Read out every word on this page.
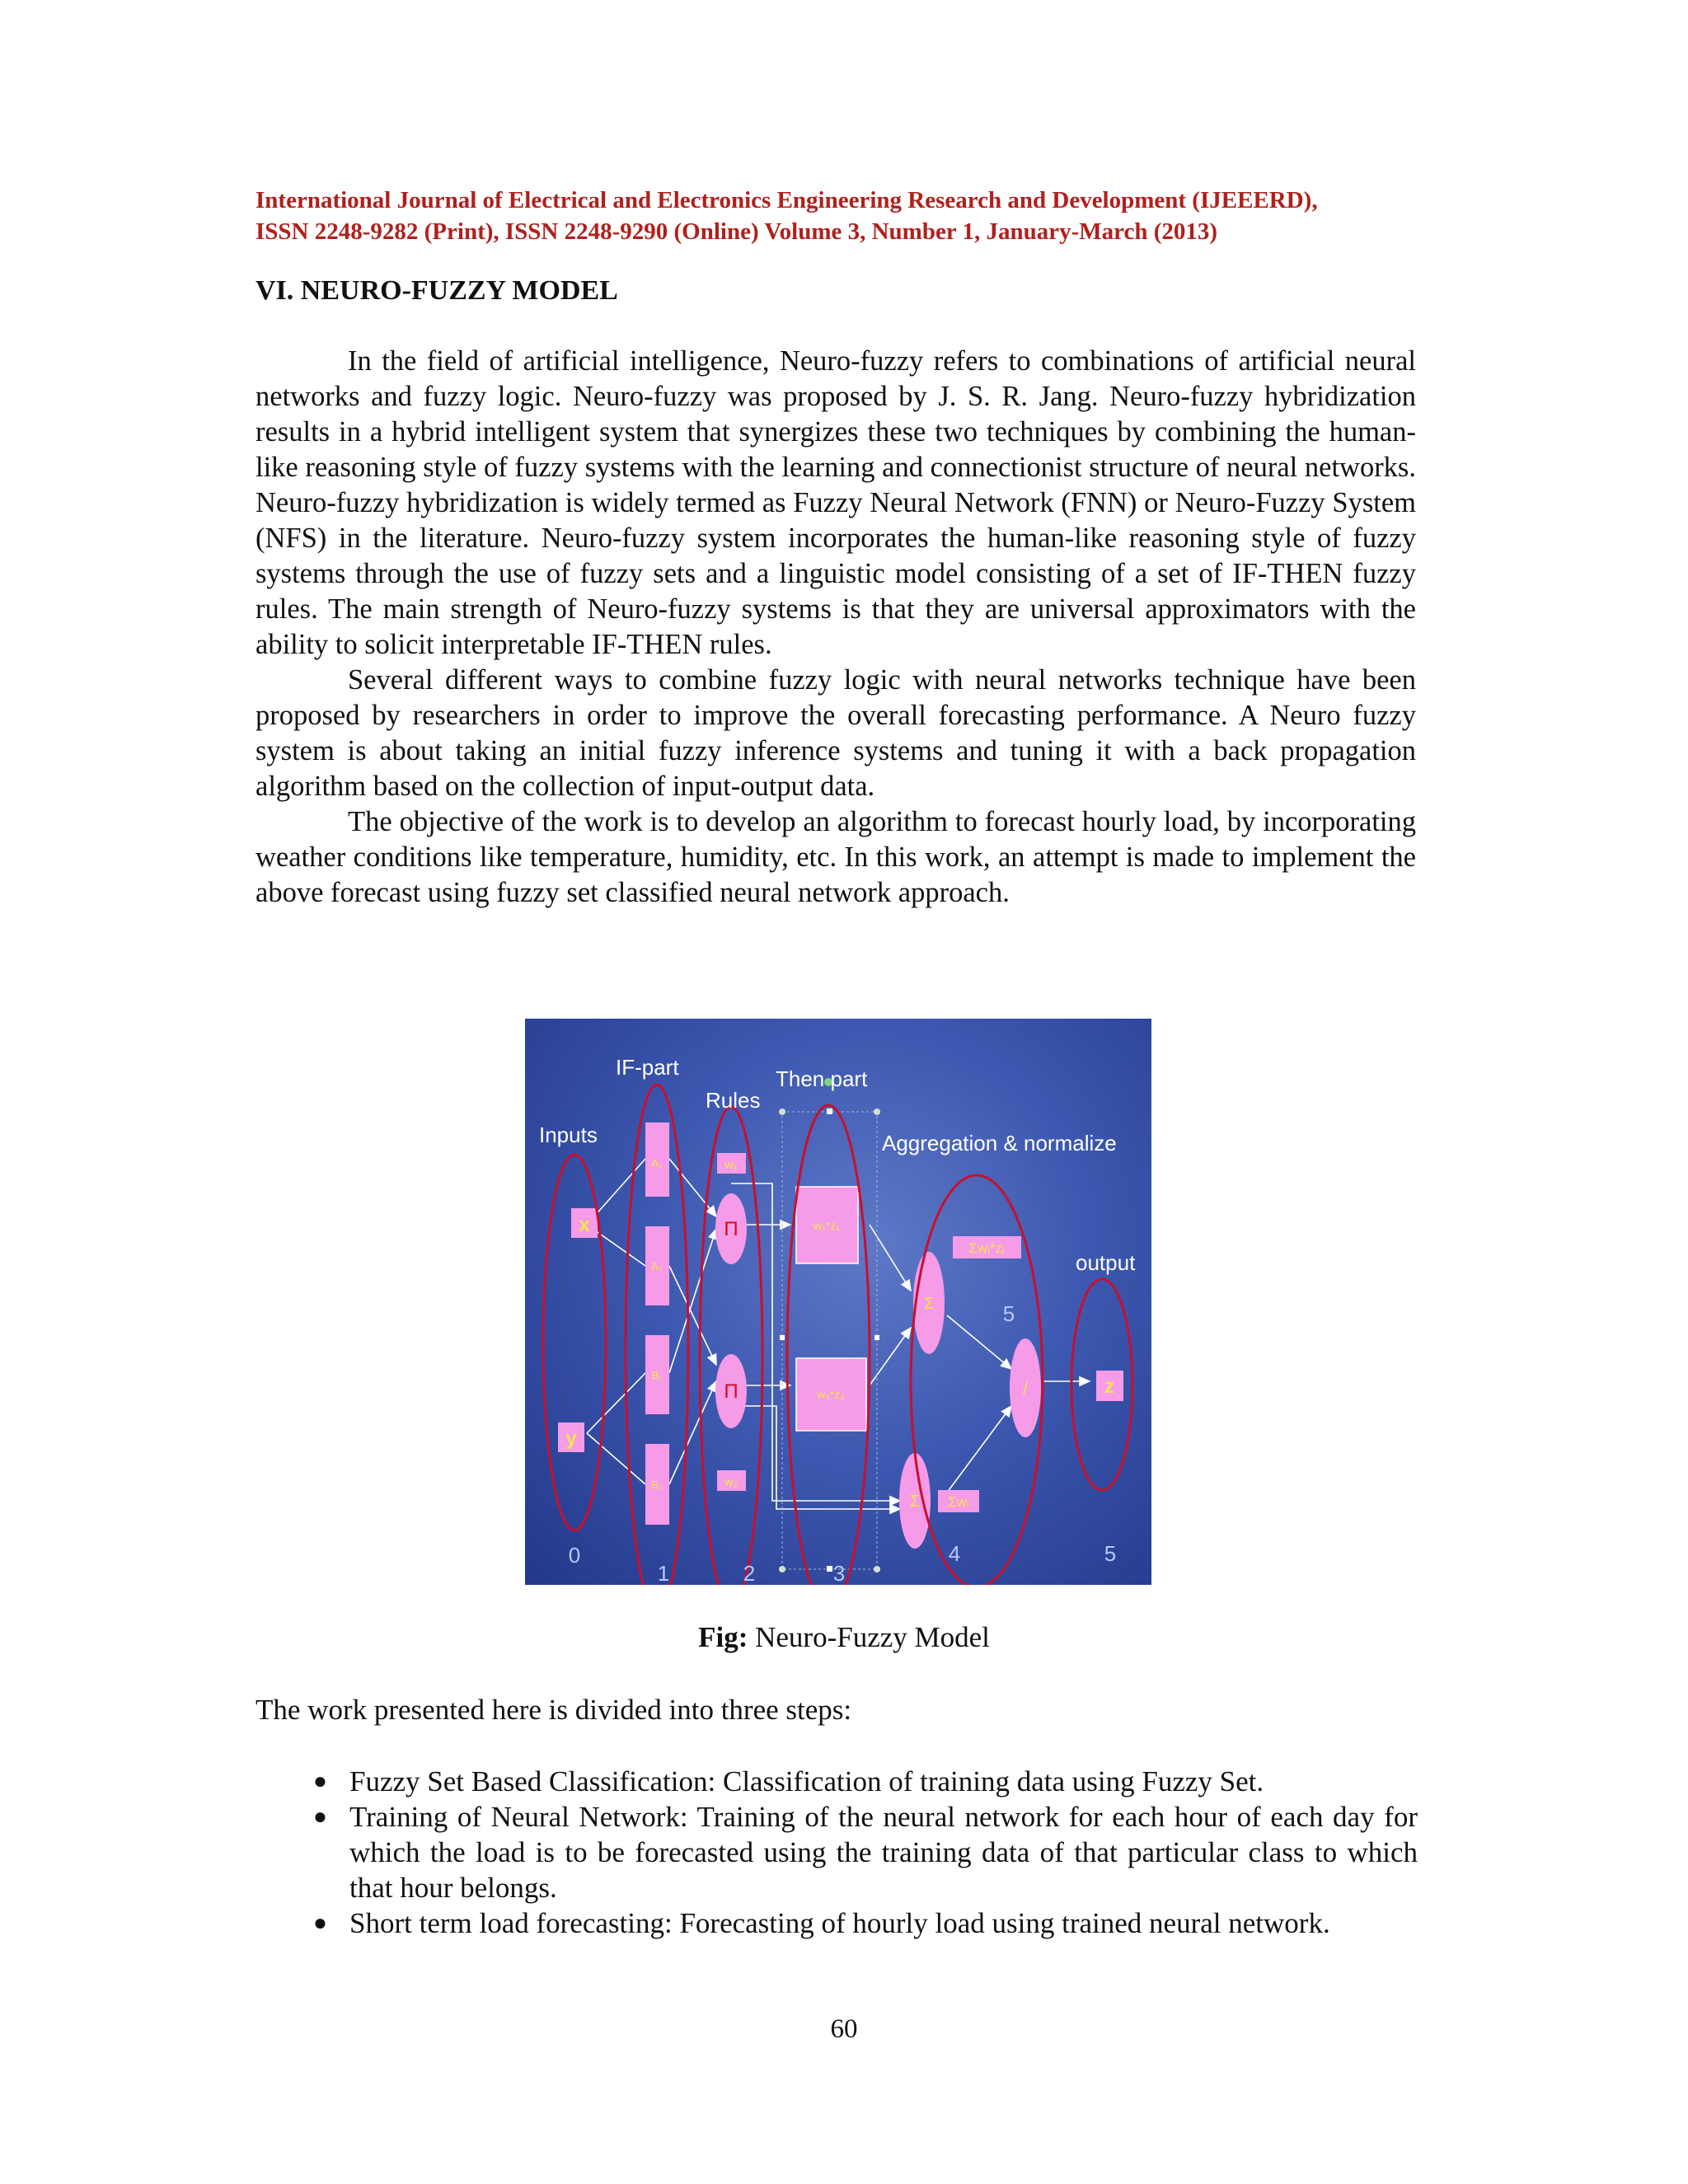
International Journal of Electrical and Electronics Engineering Research and Development (IJEEERD),
ISSN 2248-9282 (Print), ISSN 2248-9290 (Online) Volume 3, Number 1, January-March (2013)
VI. NEURO-FUZZY MODEL

In the field of artificial intelligence, Neuro-fuzzy refers to combinations of artificial neural networks and fuzzy logic. Neuro-fuzzy was proposed by J. S. R. Jang. Neuro-fuzzy hybridization results in a hybrid intelligent system that synergizes these two techniques by combining the human-like reasoning style of fuzzy systems with the learning and connectionist structure of neural networks. Neuro-fuzzy hybridization is widely termed as Fuzzy Neural Network (FNN) or Neuro-Fuzzy System (NFS) in the literature. Neuro-fuzzy system incorporates the human-like reasoning style of fuzzy systems through the use of fuzzy sets and a linguistic model consisting of a set of IF-THEN fuzzy rules. The main strength of Neuro-fuzzy systems is that they are universal approximators with the ability to solicit interpretable IF-THEN rules.

Several different ways to combine fuzzy logic with neural networks technique have been proposed by researchers in order to improve the overall forecasting performance. A Neuro fuzzy system is about taking an initial fuzzy inference systems and tuning it with a back propagation algorithm based on the collection of input-output data.

The objective of the work is to develop an algorithm to forecast hourly load, by incorporating weather conditions like temperature, humidity, etc. In this work, an attempt is made to implement the above forecast using fuzzy set classified neural network approach.

x
y
A₁
A₂
B₁
B₂
w₁
Π
Π
w₂
w₁*z₁
w₂*z₂
Σ
Σwᵢ*zᵢ
Σ Σwᵢ
/	z
IF-part
Rules
Then part
Inputs	Aggregation & normalize
output
0
1	2	3
4
5
5
Fig: Neuro-Fuzzy Model
The work presented here is divided into three steps:
● Fuzzy Set Based Classification: Classification of training data using Fuzzy Set.
● Training of Neural Network: Training of the neural network for each hour of each day for which the load is to be forecasted using the training data of that particular class to which that hour belongs.
● Short term load forecasting: Forecasting of hourly load using trained neural network.
60
